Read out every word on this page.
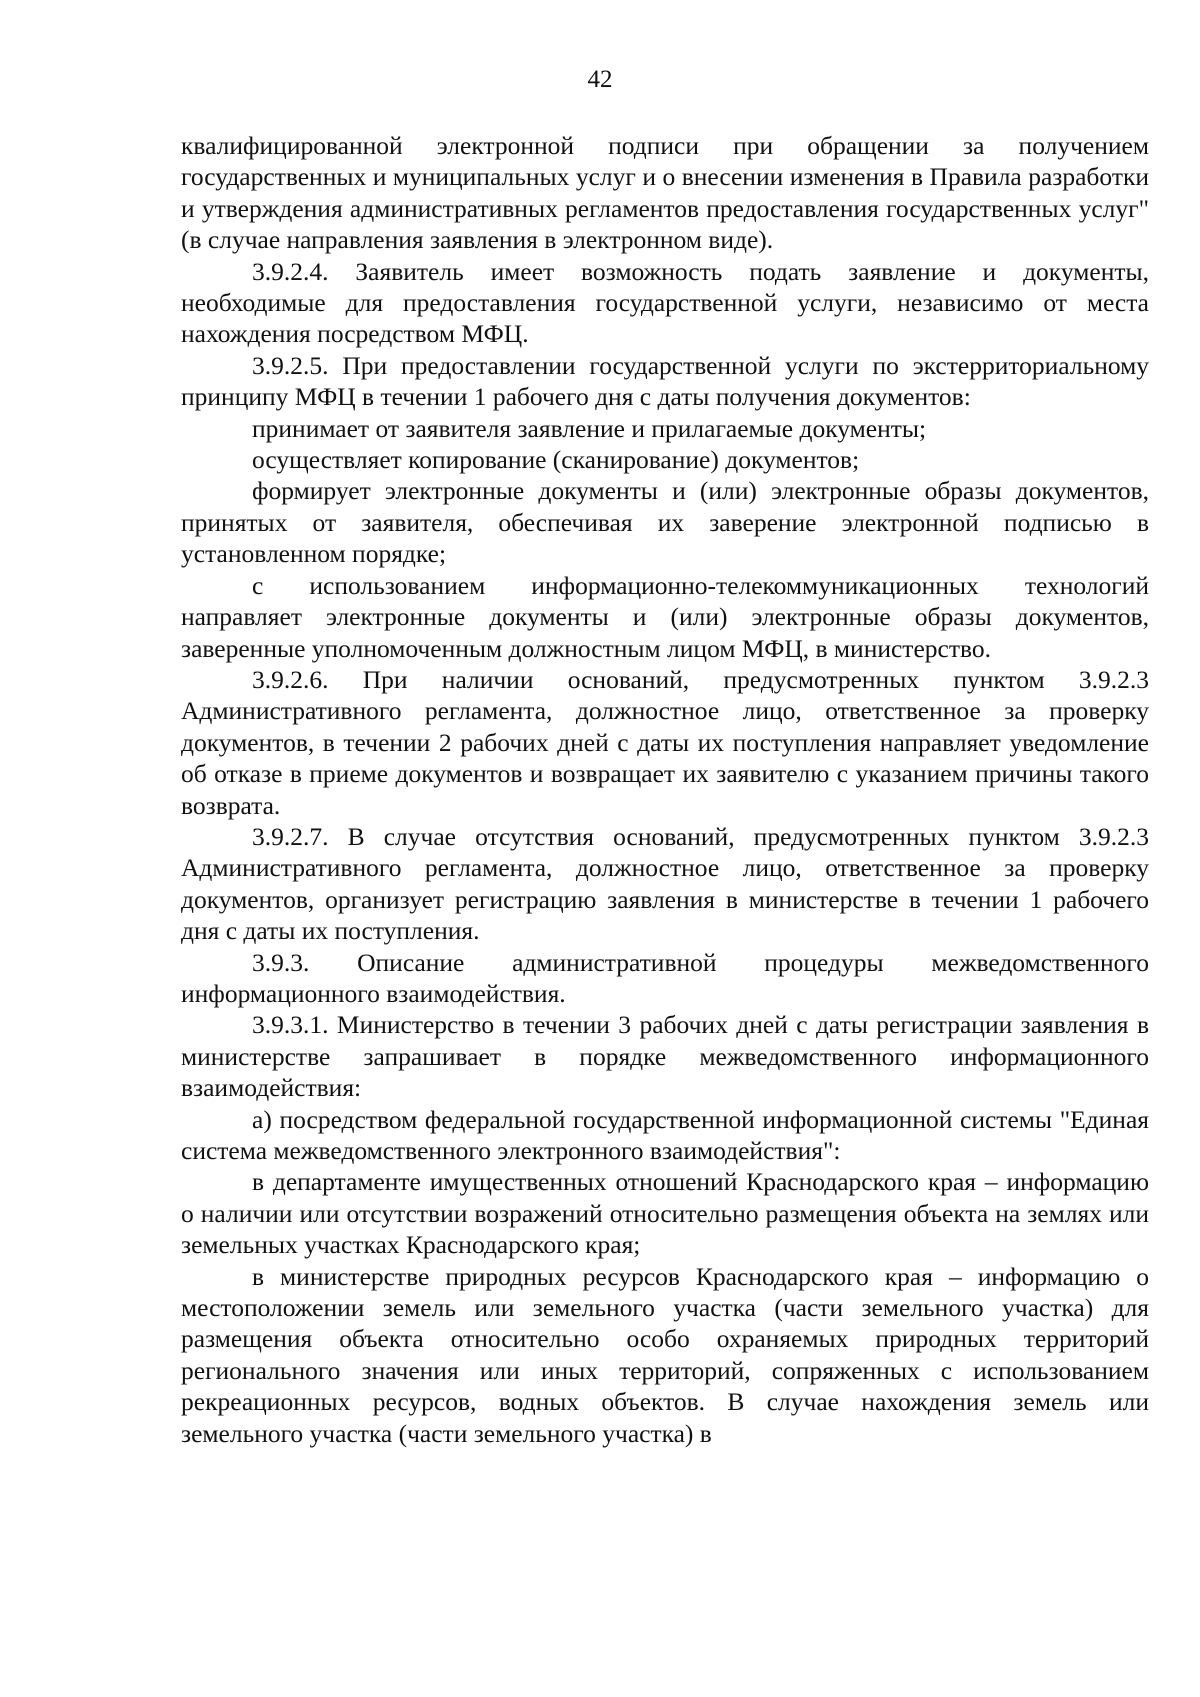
42

квалифицированной электронной подписи при обращении за получением государственных и муниципальных услуг и о внесении изменения в Правила разработки и утверждения административных регламентов предоставления государственных услуг" (в случае направления заявления в электронном виде).

3.9.2.4. Заявитель имеет возможность подать заявление и документы, необходимые для предоставления государственной услуги, независимо от места нахождения посредством МФЦ.

3.9.2.5. При предоставлении государственной услуги по экстерриториальному принципу МФЦ в течении 1 рабочего дня с даты получения документов:

принимает от заявителя заявление и прилагаемые документы;

осуществляет копирование (сканирование) документов;

формирует электронные документы и (или) электронные образы документов, принятых от заявителя, обеспечивая их заверение электронной подписью в установленном порядке;

с использованием информационно-телекоммуникационных технологий направляет электронные документы и (или) электронные образы документов, заверенные уполномоченным должностным лицом МФЦ, в министерство.

3.9.2.6. При наличии оснований, предусмотренных пунктом 3.9.2.3 Административного регламента, должностное лицо, ответственное за проверку документов, в течении 2 рабочих дней с даты их поступления направляет уведомление об отказе в приеме документов и возвращает их заявителю с указанием причины такого возврата.

3.9.2.7. В случае отсутствия оснований, предусмотренных пунктом 3.9.2.3 Административного регламента, должностное лицо, ответственное за проверку документов, организует регистрацию заявления в министерстве в течении 1 рабочего дня с даты их поступления.

3.9.3. Описание административной процедуры межведомственного информационного взаимодействия.

3.9.3.1. Министерство в течении 3 рабочих дней с даты регистрации заявления в министерстве запрашивает в порядке межведомственного информационного взаимодействия:

а) посредством федеральной государственной информационной системы "Единая система межведомственного электронного взаимодействия":

в департаменте имущественных отношений Краснодарского края – информацию о наличии или отсутствии возражений относительно размещения объекта на землях или земельных участках Краснодарского края;

в министерстве природных ресурсов Краснодарского края – информацию о местоположении земель или земельного участка (части земельного участка) для размещения объекта относительно особо охраняемых природных территорий регионального значения или иных территорий, сопряженных с использованием рекреационных ресурсов, водных объектов. В случае нахождения земель или земельного участка (части земельного участка) в
